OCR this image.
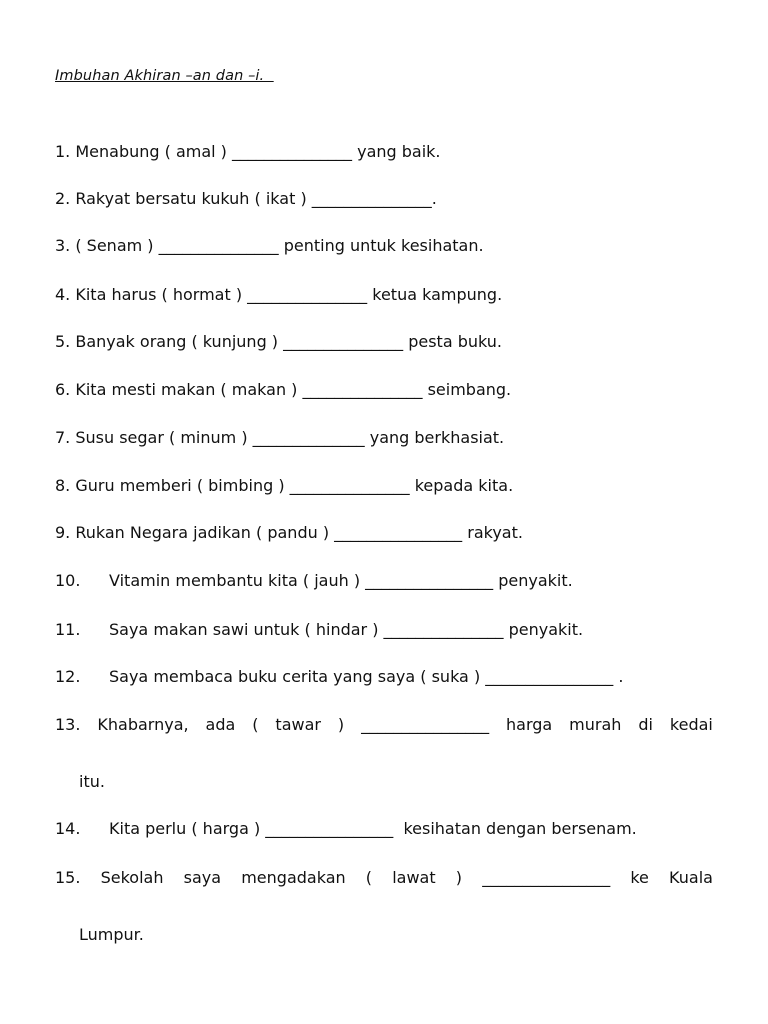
Imbuhan Akhiran –an dan –i.
1. Menabung ( amal ) _______________ yang baik.
2. Rakyat bersatu kukuh ( ikat ) _______________.
3. ( Senam ) _______________ penting untuk kesihatan.
4. Kita harus ( hormat ) _______________ ketua kampung.
5. Banyak orang ( kunjung ) _______________ pesta buku.
6. Kita mesti makan ( makan ) _______________ seimbang.
7. Susu segar ( minum ) ______________ yang berkhasiat.
8. Guru memberi ( bimbing ) _______________ kepada kita.
9. Rukan Negara jadikan ( pandu ) ________________ rakyat.
10. Vitamin membantu kita ( jauh ) ________________ penyakit.
11. Saya makan sawi untuk ( hindar ) _______________ penyakit.
12. Saya membaca buku cerita yang saya ( suka ) ________________ .
13. Khabarnya, ada ( tawar ) ________________ harga murah di kedai
itu.
14. Kita perlu ( harga ) ________________  kesihatan dengan bersenam.
15. Sekolah saya mengadakan ( lawat ) ________________ ke Kuala
Lumpur.
